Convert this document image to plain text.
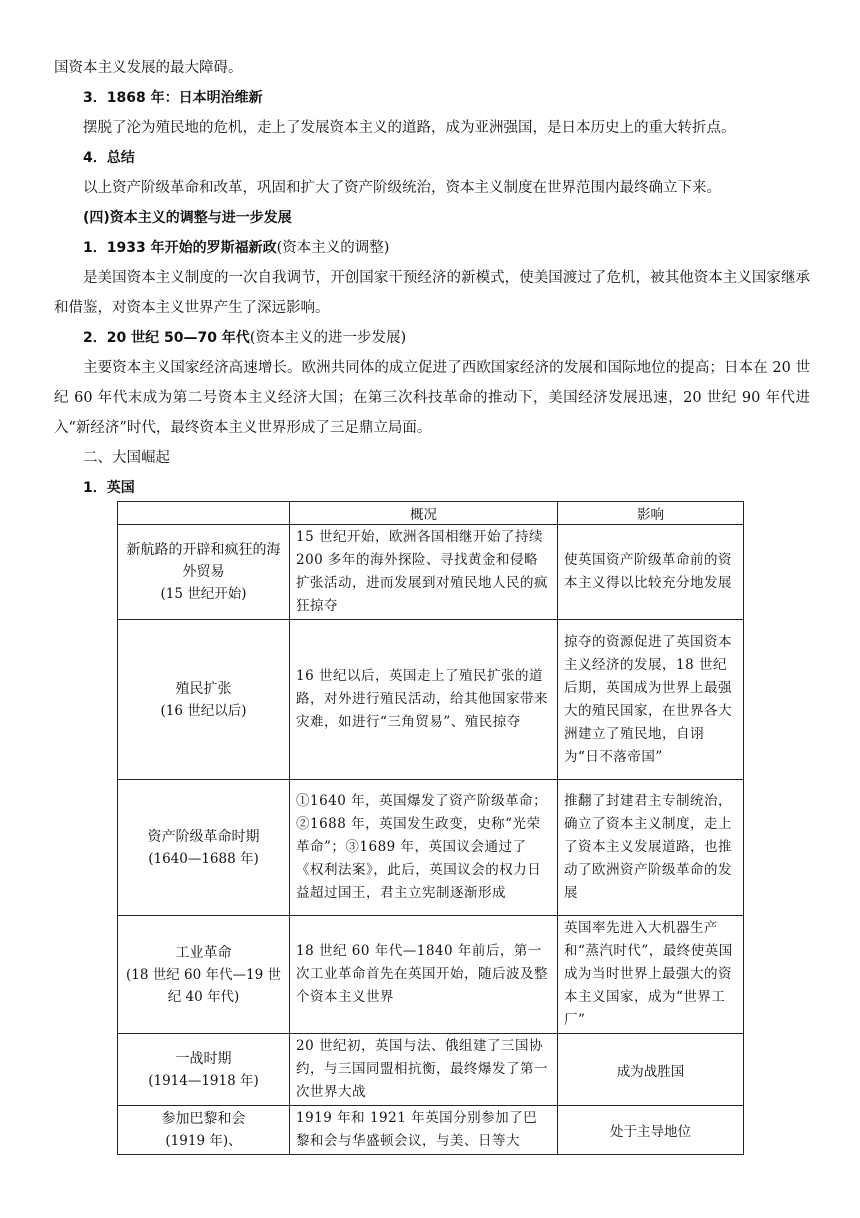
国资本主义发展的最大障碍。
3．1868 年：日本明治维新
摆脱了沦为殖民地的危机，走上了发展资本主义的道路，成为亚洲强国，是日本历史上的重大转折点。
4．总结
以上资产阶级革命和改革，巩固和扩大了资产阶级统治，资本主义制度在世界范围内最终确立下来。
(四)资本主义的调整与进一步发展
1．1933 年开始的罗斯福新政(资本主义的调整)
是美国资本主义制度的一次自我调节，开创国家干预经济的新模式，使美国渡过了危机，被其他资本主义国家继承和借鉴，对资本主义世界产生了深远影响。
2．20 世纪 50—70 年代(资本主义的进一步发展)
主要资本主义国家经济高速增长。欧洲共同体的成立促进了西欧国家经济的发展和国际地位的提高；日本在 20 世纪 60 年代末成为第二号资本主义经济大国；在第三次科技革命的推动下，美国经济发展迅速，20 世纪 90 年代进入“新经济”时代，最终资本主义世界形成了三足鼎立局面。
二、大国崛起
1．英国
	概况	影响

新航路的开辟和疯狂的海外贸易
(15 世纪开始)	15 世纪开始，欧洲各国相继开始了持续 200 多年的海外探险、寻找黄金和侵略扩张活动，进而发展到对殖民地人民的疯狂掠夺	使英国资产阶级革命前的资本主义得以比较充分地发展

殖民扩张
(16 世纪以后)	16 世纪以后，英国走上了殖民扩张的道路，对外进行殖民活动，给其他国家带来灾难，如进行“三角贸易”、殖民掠夺	掠夺的资源促进了英国资本主义经济的发展，18 世纪后期，英国成为世界上最强大的殖民国家，在世界各大洲建立了殖民地，自诩为“日不落帝国”

资产阶级革命时期
(1640—1688 年)	①1640 年，英国爆发了资产阶级革命；②1688 年，英国发生政变，史称“光荣革命”；③1689 年，英国议会通过了《权利法案》，此后，英国议会的权力日益超过国王，君主立宪制逐渐形成	推翻了封建君主专制统治，确立了资本主义制度，走上了资本主义发展道路，也推动了欧洲资产阶级革命的发展

工业革命
(18 世纪 60 年代—19 世纪 40 年代)	18 世纪 60 年代—1840 年前后，第一次工业革命首先在英国开始，随后波及整个资本主义世界	英国率先进入大机器生产和“蒸汽时代”，最终使英国成为当时世界上最强大的资本主义国家，成为“世界工厂”

一战时期
(1914—1918 年)	20 世纪初，英国与法、俄组建了三国协约，与三国同盟相抗衡，最终爆发了第一次世界大战	成为战胜国

参加巴黎和会
(1919 年)、	1919 年和 1921 年英国分别参加了巴黎和会与华盛顿会议，与美、日等大	处于主导地位
